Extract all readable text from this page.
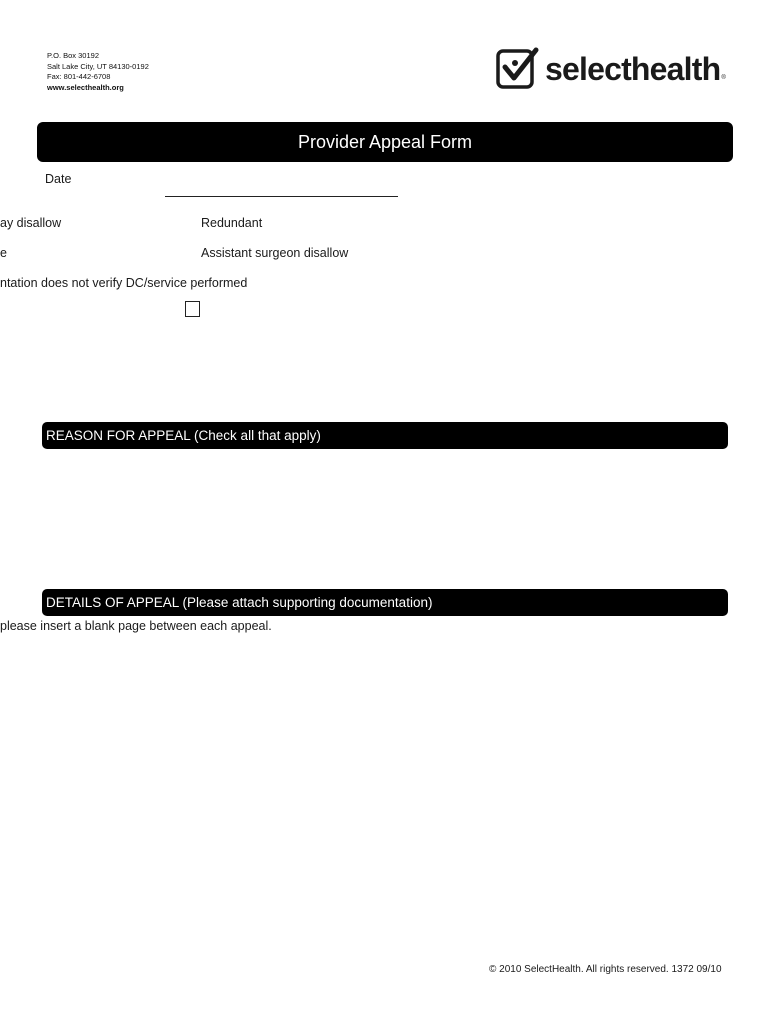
P.O. Box 30192
Salt Lake City, UT 84130-0192
Fax: 801-442-6708
www.selecthealth.org	selecthealth ®
Provider Appeal Form
Date
ay disallow	Redundant
e	Assistant surgeon disallow
ntation does not verify DC/service performed
REASON FOR APPEAL (Check all that apply)
DETAILS OF APPEAL (Please attach supporting documentation)
please insert a blank page between each appeal.
© 2010 SelectHealth. All rights reserved. 1372 09/10
